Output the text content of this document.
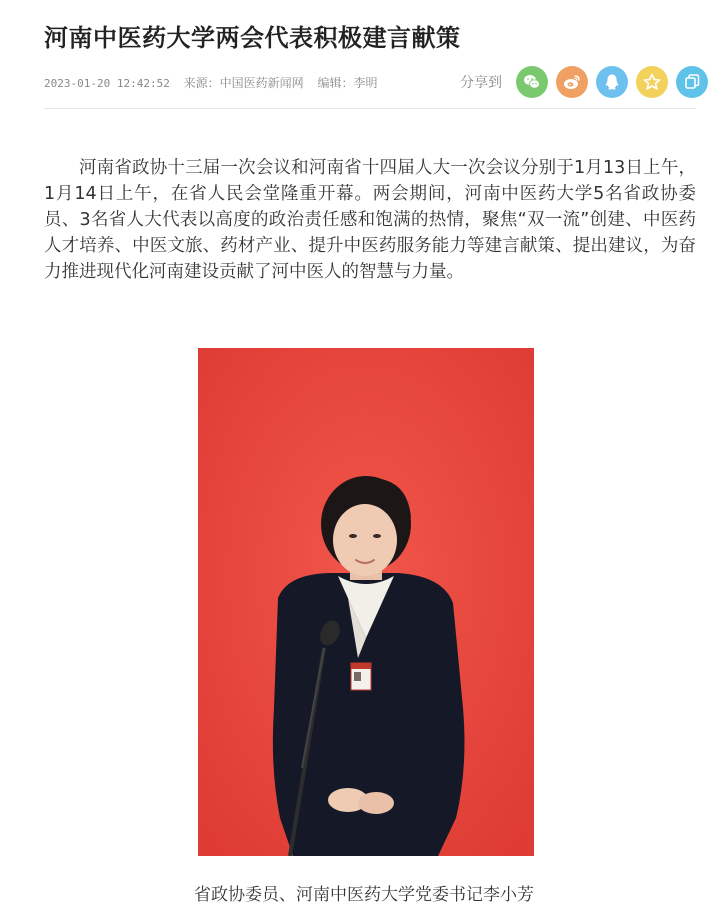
河南中医药大学两会代表积极建言献策
2023-01-20 12:42:52 来源：中国医药新闻网 编辑：李明	分享到

河南省政协十三届一次会议和河南省十四届人大一次会议分别于1月13日上午，1月14日上午，在省人民会堂隆重开幕。两会期间，河南中医药大学5名省政协委员、3名省人大代表以高度的政治责任感和饱满的热情，聚焦“双一流”创建、中医药人才培养、中医文旅、药材产业、提升中医药服务能力等建言献策、提出建议，为奋力推进现代化河南建设贡献了河中医人的智慧与力量。

省政协委员、河南中医药大学党委书记李小芳
